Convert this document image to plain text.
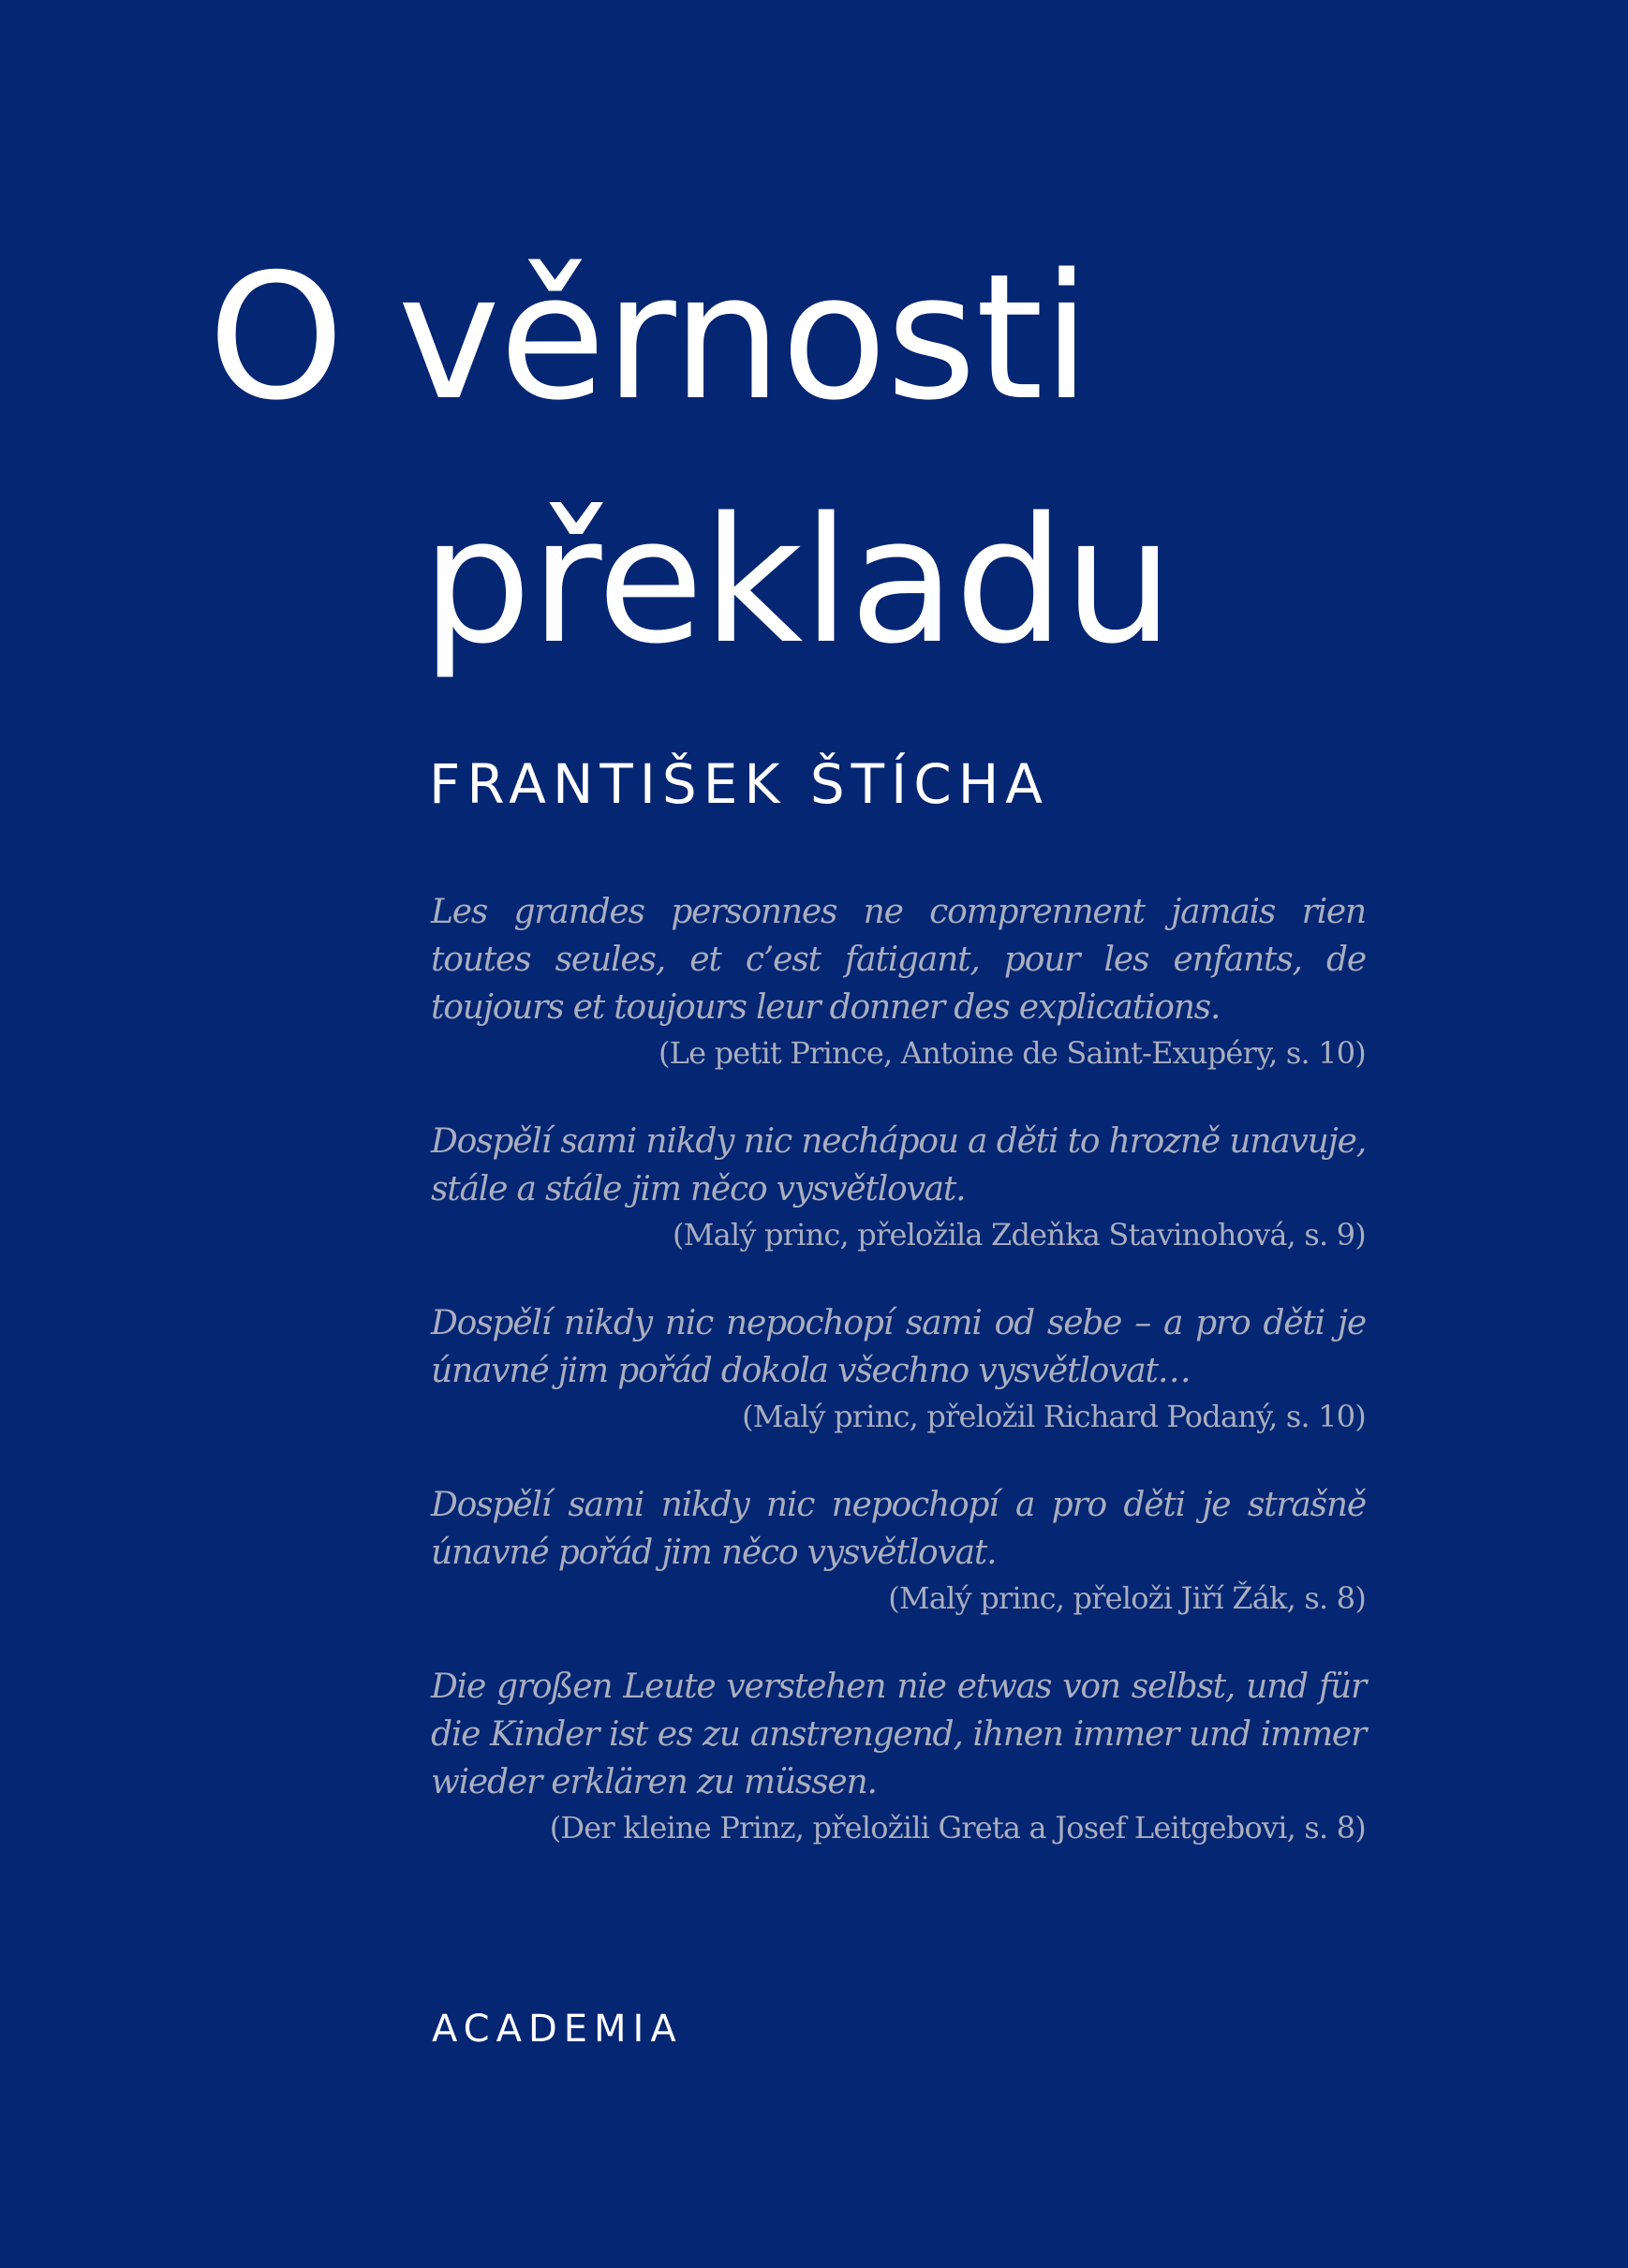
O věrnosti
překladu

FRANTIŠEK ŠTÍCHA

Les grandes personnes ne comprennent jamais rien toutes seules, et c’est fatigant, pour les enfants, de toujours et toujours leur donner des explications.

(Le petit Prince, Antoine de Saint-Exupéry, s. 10)

Dospělí sami nikdy nic nechápou a děti to hrozně unavuje, stále a stále jim něco vysvětlovat.

(Malý princ, přeložila Zdeňka Stavinohová, s. 9)

Dospělí nikdy nic nepochopí sami od sebe – a pro děti je únavné jim pořád dokola všechno vysvětlovat…

(Malý princ, přeložil Richard Podaný, s. 10)

Dospělí sami nikdy nic nepochopí a pro děti je strašně únavné pořád jim něco vysvětlovat.

(Malý princ, přeloži Jiří Žák, s. 8)

Die großen Leute verstehen nie etwas von selbst, und für die Kinder ist es zu anstrengend, ihnen immer und immer wieder erklären zu müssen.

(Der kleine Prinz, přeložili Greta a Josef Leitgebovi, s. 8)

ACADEMIA
